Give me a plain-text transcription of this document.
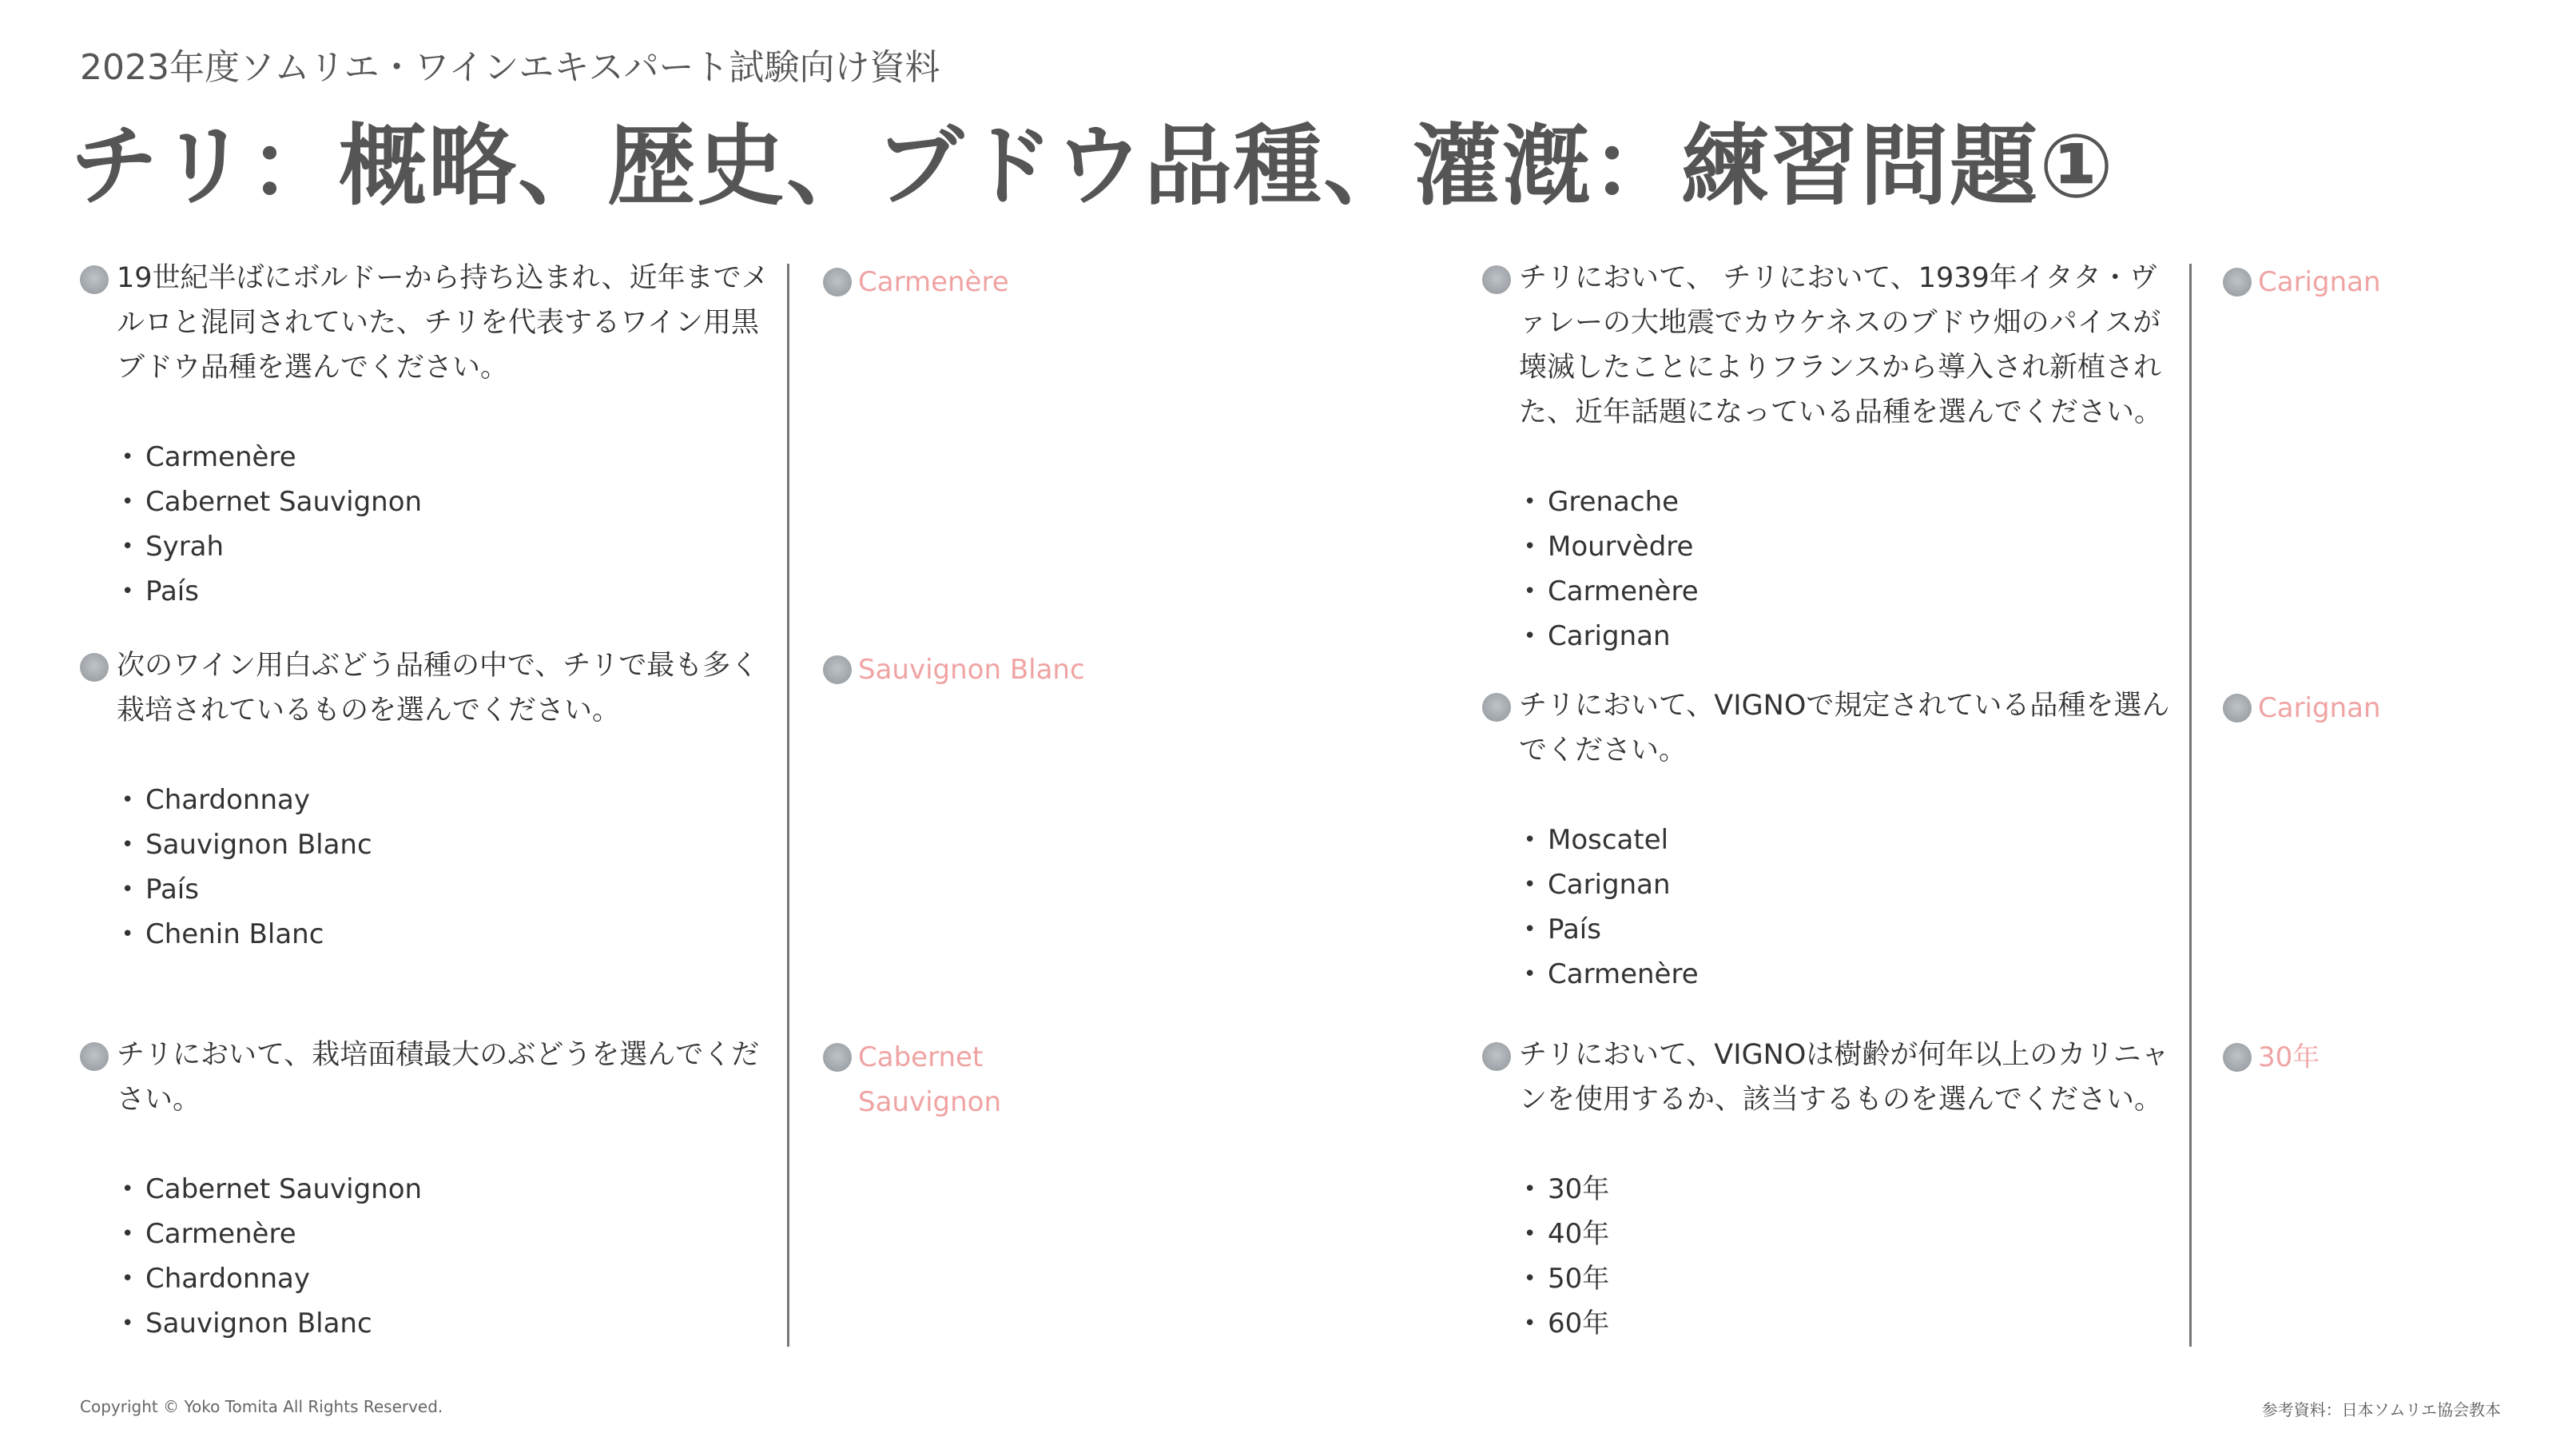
2023年度ソムリエ・ワインエキスパート試験向け資料
チリ：概略、歴史、ブドウ品種、灌漑：練習問題①
19世紀半ばにボルドーから持ち込まれ、近年までメルロと混同されていた、チリを代表するワイン用黒ブドウ品種を選んでください。
• Carmenère
• Cabernet Sauvignon
• Syrah
• País
次のワイン用白ぶどう品種の中で、チリで最も多く栽培されているものを選んでください。
• Chardonnay
• Sauvignon Blanc
• País
• Chenin Blanc
チリにおいて、栽培面積最大のぶどうを選んでください。
• Cabernet Sauvignon
• Carmenère
• Chardonnay
• Sauvignon Blanc
Carmenère
Sauvignon Blanc
Cabernet Sauvignon
チリにおいて、 チリにおいて、1939年イタタ・ヴァレーの大地震でカウケネスのブドウ畑のパイスが壊滅したことによりフランスから導入され新植された、近年話題になっている品種を選んでください。
• Grenache
• Mourvèdre
• Carmenère
• Carignan
チリにおいて、VIGNOで規定されている品種を選んでください。
• Moscatel
• Carignan
• País
• Carmenère
チリにおいて、VIGNOは樹齢が何年以上のカリニャンを使用するか、該当するものを選んでください。
• 30年
• 40年
• 50年
• 60年
Carignan
Carignan
30年
Copyright © Yoko Tomita All Rights Reserved.	参考資料：日本ソムリエ協会教本
